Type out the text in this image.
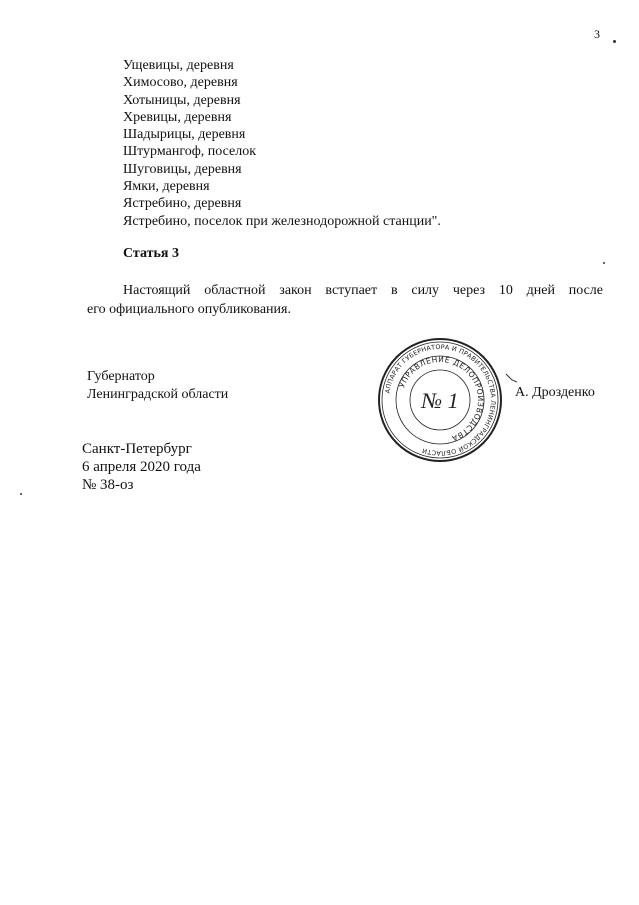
3
Ущевицы, деревня
Химосово, деревня
Хотыницы, деревня
Хревицы, деревня
Шадырицы, деревня
Штурмангоф, поселок
Шуговицы, деревня
Ямки, деревня
Ястребино, деревня
Ястребино, поселок при железнодорожной станции".
Статья 3
Настоящий областной закон вступает в силу через 10 дней после
его официального опубликования.
Губернатор
Ленинградской области	АППАРАТ ГУБЕРНАТОРА И ПРАВИТЕЛЬСТВА ЛЕНИНГРАДСКОЙ ОБЛАСТИ
УПРАВЛЕНИЕ ДЕЛОПРОИЗВОДСТВА
№ 1	А. Дрозденко
Санкт-Петербург
6 апреля 2020 года
№ 38-оз
